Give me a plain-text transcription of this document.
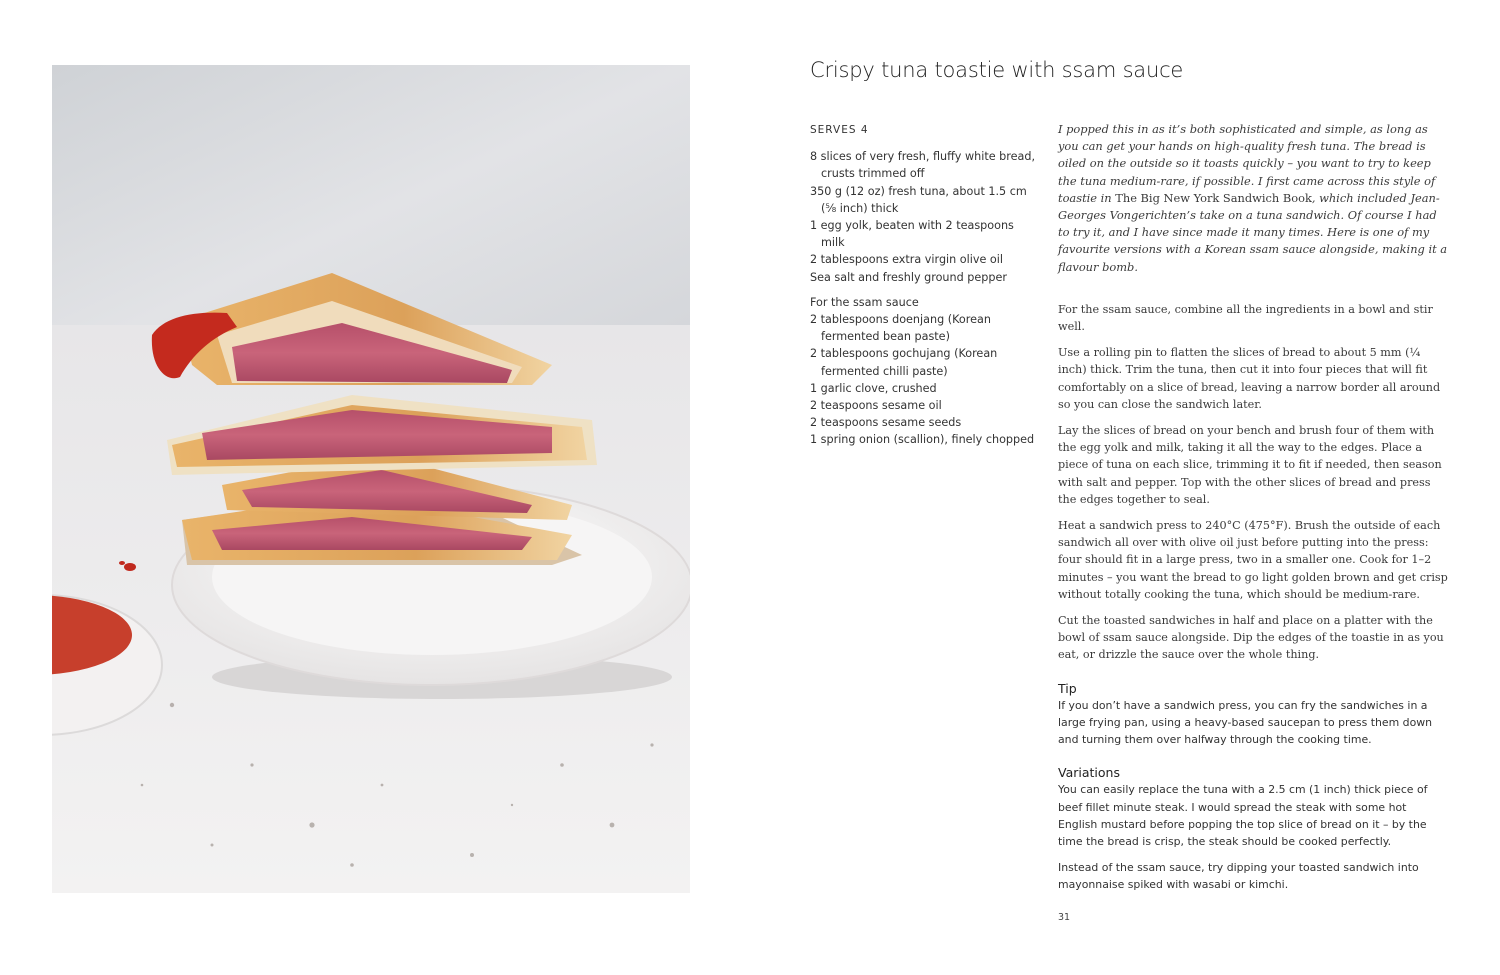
Crispy tuna toastie with ssam sauce
SERVES 4
8 slices of very fresh, fluffy white bread, crusts trimmed off
350 g (12 oz) fresh tuna, about 1.5 cm (⅝ inch) thick
1 egg yolk, beaten with 2 teaspoons milk
2 tablespoons extra virgin olive oil
Sea salt and freshly ground pepper
For the ssam sauce
2 tablespoons doenjang (Korean fermented bean paste)
2 tablespoons gochujang (Korean fermented chilli paste)
1 garlic clove, crushed
2 teaspoons sesame oil
2 teaspoons sesame seeds
1 spring onion (scallion), finely chopped

I popped this in as it’s both sophisticated and simple, as long as you can get your hands on high-quality fresh tuna. The bread is oiled on the outside so it toasts quickly – you want to try to keep the tuna medium-rare, if possible. I first came across this style of toastie in The Big New York Sandwich Book, which included Jean-Georges Vongerichten’s take on a tuna sandwich. Of course I had to try it, and I have since made it many times. Here is one of my favourite versions with a Korean ssam sauce alongside, making it a flavour bomb.

For the ssam sauce, combine all the ingredients in a bowl and stir well.

Use a rolling pin to flatten the slices of bread to about 5 mm (¼ inch) thick. Trim the tuna, then cut it into four pieces that will fit comfortably on a slice of bread, leaving a narrow border all around so you can close the sandwich later.

Lay the slices of bread on your bench and brush four of them with the egg yolk and milk, taking it all the way to the edges. Place a piece of tuna on each slice, trimming it to fit if needed, then season with salt and pepper. Top with the other slices of bread and press the edges together to seal.

Heat a sandwich press to 240°C (475°F). Brush the outside of each sandwich all over with olive oil just before putting into the press: four should fit in a large press, two in a smaller one. Cook for 1–2 minutes – you want the bread to go light golden brown and get crisp without totally cooking the tuna, which should be medium-rare.

Cut the toasted sandwiches in half and place on a platter with the bowl of ssam sauce alongside. Dip the edges of the toastie in as you eat, or drizzle the sauce over the whole thing.

Tip

If you don’t have a sandwich press, you can fry the sandwiches in a large frying pan, using a heavy-based saucepan to press them down and turning them over halfway through the cooking time.

Variations

You can easily replace the tuna with a 2.5 cm (1 inch) thick piece of beef fillet minute steak. I would spread the steak with some hot English mustard before popping the top slice of bread on it – by the time the bread is crisp, the steak should be cooked perfectly.

Instead of the ssam sauce, try dipping your toasted sandwich into mayonnaise spiked with wasabi or kimchi.

31
